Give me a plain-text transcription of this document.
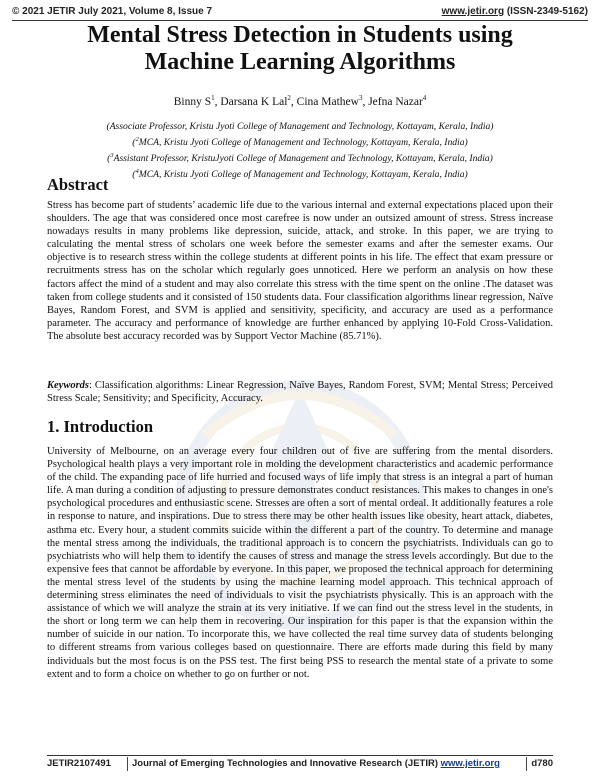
© 2021 JETIR July 2021, Volume 8, Issue 7	www.jetir.org (ISSN-2349-5162)
Mental Stress Detection in Students using
Machine Learning Algorithms
Binny $S^1$, Darsana K Lal$^2$, Cina Mathew$^3$, Jefna Nazar$^4$
(Associate Professor, Kristu Jyoti College of Management and Technology, Kottayam, Kerala, India)
($^2$MCA, Kristu Jyoti College of Management and Technology, Kottayam, Kerala, India)
($^3$Assistant Professor, KristuJyoti College of Management and Technology, Kottayam, Kerala, India)
($^4$MCA, Kristu Jyoti College of Management and Technology, Kottayam, Kerala, India)
Abstract

Stress has become part of students’ academic life due to the various internal and external expectations placed upon their shoulders. The age that was considered once most carefree is now under an outsized amount of stress. Stress increase nowadays results in many problems like depression, suicide, attack, and stroke. In this paper, we are trying to calculating the mental stress of scholars one week before the semester exams and after the semester exams. Our objective is to research stress within the college students at different points in his life. The effect that exam pressure or recruitments stress has on the scholar which regularly goes unnoticed. Here we perform an analysis on how these factors affect the mind of a student and may also correlate this stress with the time spent on the online .The dataset was taken from college students and it consisted of 150 students data. Four classification algorithms linear regression, Naïve Bayes, Random Forest, and SVM is applied and sensitivity, specificity, and accuracy are used as a performance parameter. The accuracy and performance of knowledge are further enhanced by applying 10-Fold Cross-Validation. The absolute best accuracy recorded was by Support Vector Machine (85.71%).

Keywords: Classification algorithms: Linear Regression, Naïve Bayes, Random Forest, SVM; Mental Stress; Perceived Stress Scale; Sensitivity; and Specificity, Accuracy.

1. Introduction

University of Melbourne, on an average every four children out of five are suffering from the mental disorders. Psychological health plays a very important role in molding the development characteristics and academic performance of the child. The expanding pace of life hurried and focused ways of life imply that stress is an integral a part of human life. A man during a condition of adjusting to pressure demonstrates conduct resistances. This makes to changes in one's psychological procedures and enthusiastic scene. Stresses are often a sort of mental ordeal. It additionally features a role in response to nature, and inspirations. Due to stress there may be other health issues like obesity, heart attack, diabetes, asthma etc. Every hour, a student commits suicide within the different a part of the country. To determine and manage the mental stress among the individuals, the traditional approach is to concern the psychiatrists. Individuals can go to psychiatrists who will help them to identify the causes of stress and manage the stress levels accordingly. But due to the expensive fees that cannot be affordable by everyone. In this paper, we proposed the technical approach for determining the mental stress level of the students by using the machine learning model approach. This technical approach of determining stress eliminates the need of individuals to visit the psychiatrists physically. This is an approach with the assistance of which we will analyze the strain at its very initiative. If we can find out the stress level in the students, in the short or long term we can help them in recovering. Our inspiration for this paper is that the expansion within the number of suicide in our nation. To incorporate this, we have collected the real time survey data of students belonging to different streams from various colleges based on questionnaire. There are efforts made during this field by many individuals but the most focus is on the PSS test. The first being PSS to research the mental state of a private to some extent and to form a choice on whether to go on further or not.

JETIR2107491	Journal of Emerging Technologies and Innovative Research (JETIR) www.jetir.org	d780
